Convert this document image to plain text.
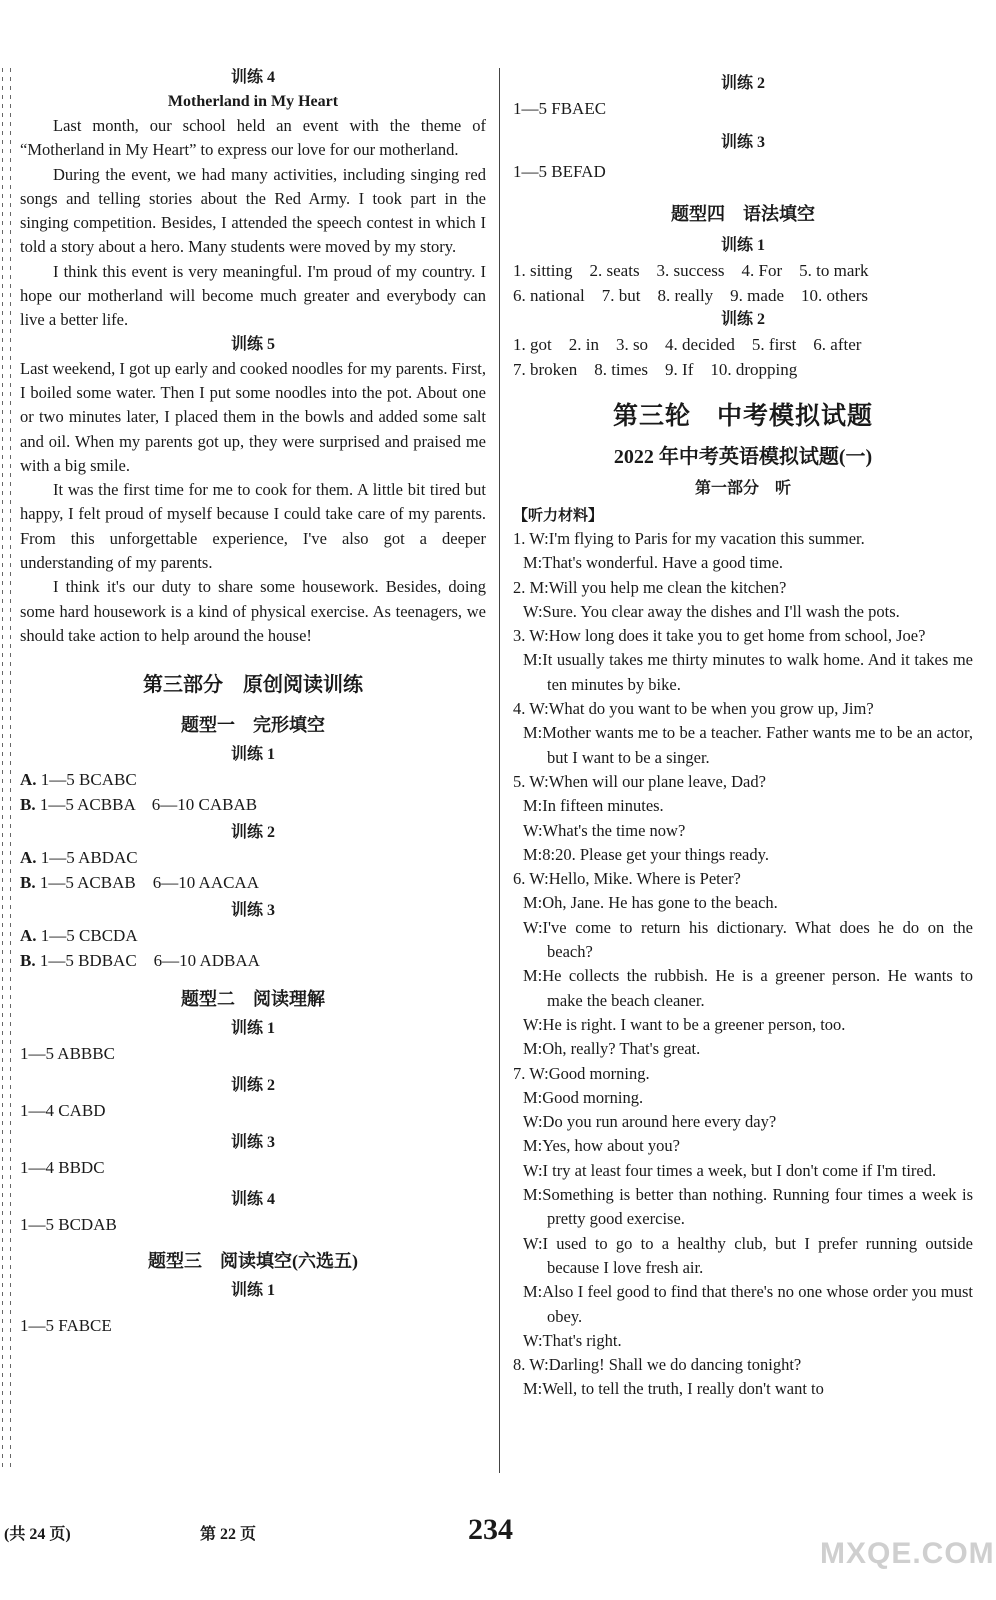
训练 4

Motherland in My Heart

Last month, our school held an event with the theme of “Motherland in My Heart” to express our love for our motherland.

During the event, we had many activities, including singing red songs and telling stories about the Red Army. I took part in the singing competition. Besides, I attended the speech contest in which I told a story about a hero. Many students were moved by my story.

I think this event is very meaningful. I'm proud of my country. I hope our motherland will become much greater and everybody can live a better life.

训练 5

Last weekend, I got up early and cooked noodles for my parents. First, I boiled some water. Then I put some noodles into the pot. About one or two minutes later, I placed them in the bowls and added some salt and oil. When my parents got up, they were surprised and praised me with a big smile.

It was the first time for me to cook for them. A little bit tired but happy, I felt proud of myself because I could take care of my parents. From this unforgettable experience, I've also got a deeper understanding of my parents.

I think it's our duty to share some housework. Besides, doing some hard housework is a kind of physical exercise. As teenagers, we should take action to help around the house!

第三部分　原创阅读训练

题型一　完形填空

训练 1

A. 1—5 BCABC

B. 1—5 ACBBA　6—10 CABAB

训练 2

A. 1—5 ABDAC

B. 1—5 ACBAB　6—10 AACAA

训练 3

A. 1—5 CBCDA

B. 1—5 BDBAC　6—10 ADBAA

题型二　阅读理解

训练 1

1—5 ABBBC

训练 2

1—4 CABD

训练 3

1—4 BBDC

训练 4

1—5 BCDAB

题型三　阅读填空(六选五)

训练 1

1—5 FABCE

训练 2

1—5 FBAEC

训练 3

1—5 BEFAD

题型四　语法填空

训练 1

1. sitting　2. seats　3. success　4. For　5. to mark

6. national　7. but　8. really　9. made　10. others

训练 2

1. got　2. in　3. so　4. decided　5. first　6. after

7. broken　8. times　9. If　10. dropping

第三轮　中考模拟试题

2022 年中考英语模拟试题(一)

第一部分　听

【听力材料】

1. W:I'm flying to Paris for my vacation this summer.

M:That's wonderful. Have a good time.

2. M:Will you help me clean the kitchen?

W:Sure. You clear away the dishes and I'll wash the pots.

3. W:How long does it take you to get home from school, Joe?

M:It usually takes me thirty minutes to walk home. And it takes me ten minutes by bike.

4. W:What do you want to be when you grow up, Jim?

M:Mother wants me to be a teacher. Father wants me to be an actor, but I want to be a singer.

5. W:When will our plane leave, Dad?

M:In fifteen minutes.

W:What's the time now?

M:8:20. Please get your things ready.

6. W:Hello, Mike. Where is Peter?

M:Oh, Jane. He has gone to the beach.

W:I've come to return his dictionary. What does he do on the beach?

M:He collects the rubbish. He is a greener person. He wants to make the beach cleaner.

W:He is right. I want to be a greener person, too.

M:Oh, really? That's great.

7. W:Good morning.

M:Good morning.

W:Do you run around here every day?

M:Yes, how about you?

W:I try at least four times a week, but I don't come if I'm tired.

M:Something is better than nothing. Running four times a week is pretty good exercise.

W:I used to go to a healthy club, but I prefer running outside because I love fresh air.

M:Also I feel good to find that there's no one whose order you must obey.

W:That's right.

8. W:Darling! Shall we do dancing tonight?

M:Well, to tell the truth, I really don't want to

(共 24 页)	第 22 页	234
MXQE.COM
